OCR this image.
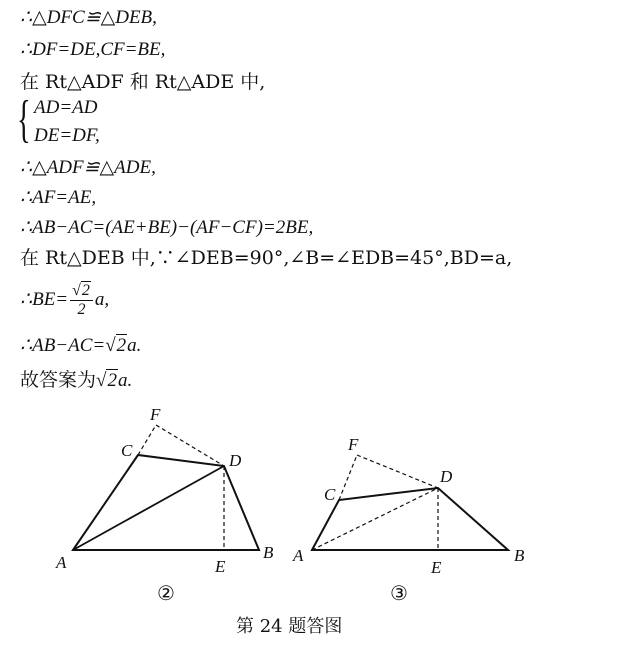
∴△DFC≌△DEB,
∴DF=DE,CF=BE,
在 Rt△ADF 和 Rt△ADE 中,
{ AD=AD
DE=DF,
∴△ADF≌△ADE,
∴AF=AE,
∴AB−AC=(AE+BE)−(AF−CF)=2BE,
在 Rt△DEB 中,∵∠DEB=90°,∠B=∠EDB=45°,BD=a,
∴BE= $\frac{√2}{2} a$,
∴AB−AC=√2a.
故答案为√2a.
F
C
D
A	E
B
②
F
C
D
A
E
B
③
第 24 题答图
